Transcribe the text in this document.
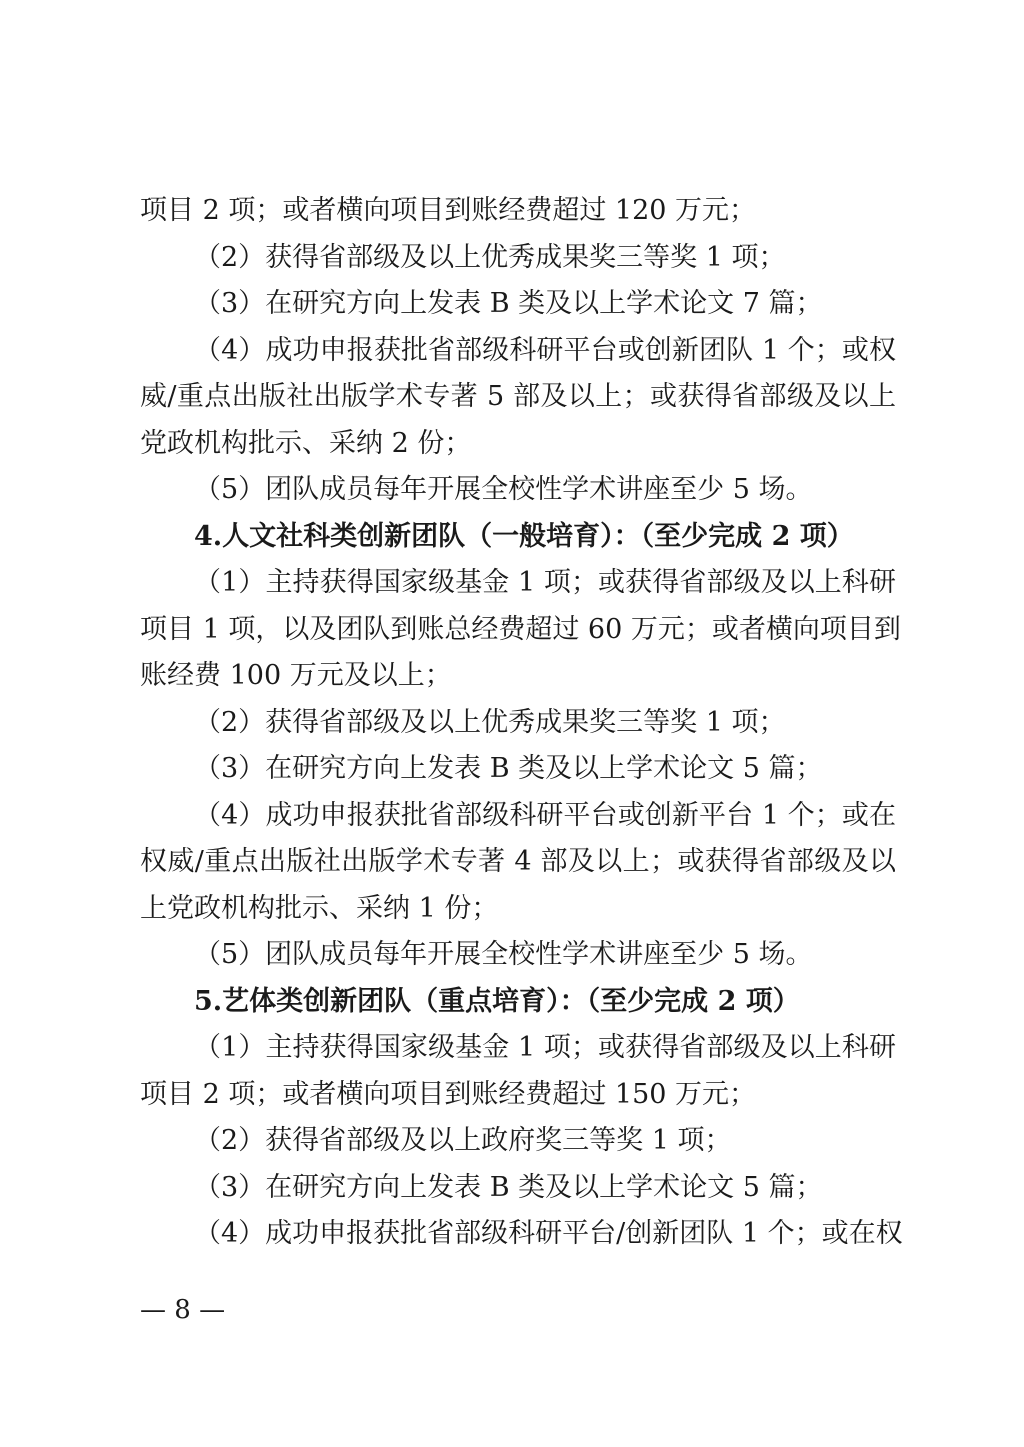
项目 2 项；或者横向项目到账经费超过 120 万元；
（2）获得省部级及以上优秀成果奖三等奖 1 项；
（3）在研究方向上发表 B 类及以上学术论文 7 篇；
（4）成功申报获批省部级科研平台或创新团队 1 个；或权
威/重点出版社出版学术专著 5 部及以上；或获得省部级及以上
党政机构批示、采纳 2 份；
（5）团队成员每年开展全校性学术讲座至少 5 场。
4.人文社科类创新团队（一般培育）：（至少完成 2 项）
（1）主持获得国家级基金 1 项；或获得省部级及以上科研
项目 1 项，以及团队到账总经费超过 60 万元；或者横向项目到
账经费 100 万元及以上；
（2）获得省部级及以上优秀成果奖三等奖 1 项；
（3）在研究方向上发表 B 类及以上学术论文 5 篇；
（4）成功申报获批省部级科研平台或创新平台 1 个；或在
权威/重点出版社出版学术专著 4 部及以上；或获得省部级及以
上党政机构批示、采纳 1 份；
（5）团队成员每年开展全校性学术讲座至少 5 场。
5.艺体类创新团队（重点培育）：（至少完成 2 项）
（1）主持获得国家级基金 1 项；或获得省部级及以上科研
项目 2 项；或者横向项目到账经费超过 150 万元；
（2）获得省部级及以上政府奖三等奖 1 项；
（3）在研究方向上发表 B 类及以上学术论文 5 篇；
（4）成功申报获批省部级科研平台/创新团队 1 个；或在权
— 8 —
